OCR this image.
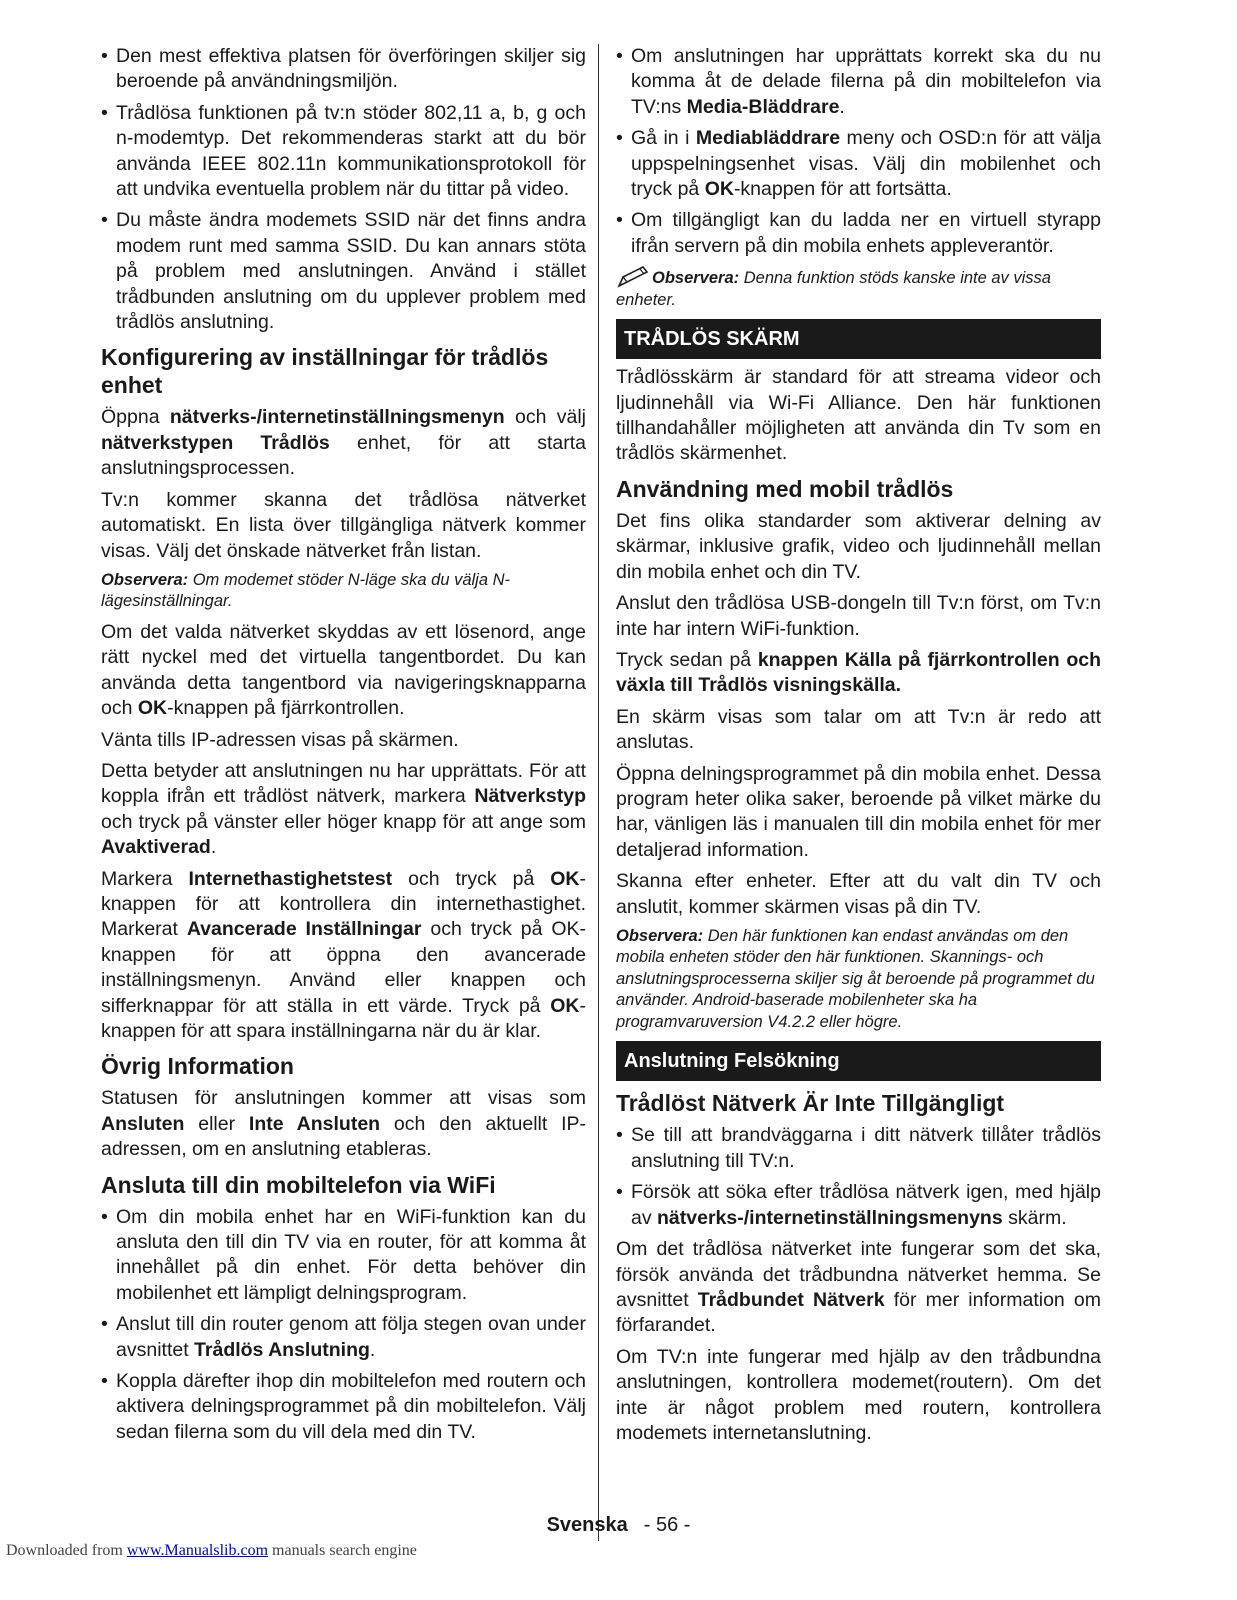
• Den mest effektiva platsen för överföringen skiljer sig beroende på användningsmiljön.
• Trådlösa funktionen på tv:n stöder 802,11 a, b, g och n-modemtyp. Det rekommenderas starkt att du bör använda IEEE 802.11n kommunikationsprotokoll för att undvika eventuella problem när du tittar på video.
• Du måste ändra modemets SSID när det finns andra modem runt med samma SSID. Du kan annars stöta på problem med anslutningen. Använd i stället trådbunden anslutning om du upplever problem med trådlös anslutning.
Konfigurering av inställningar för trådlös enhet

Öppna nätverks-/internetinställningsmenyn och välj nätverkstypen Trådlös enhet, för att starta anslutningsprocessen.

Tv:n kommer skanna det trådlösa nätverket automatiskt. En lista över tillgängliga nätverk kommer visas. Välj det önskade nätverket från listan.

Observera: Om modemet stöder N-läge ska du välja N-lägesinställningar.

Om det valda nätverket skyddas av ett lösenord, ange rätt nyckel med det virtuella tangentbordet. Du kan använda detta tangentbord via navigeringsknapparna och OK-knappen på fjärrkontrollen.

Vänta tills IP-adressen visas på skärmen.

Detta betyder att anslutningen nu har upprättats. För att koppla ifrån ett trådlöst nätverk, markera Nätverkstyp och tryck på vänster eller höger knapp för att ange som Avaktiverad.

Markera Internethastighetstest och tryck på OK-knappen för att kontrollera din internethastighet. Markerat Avancerade Inställningar och tryck på OK-knappen för att öppna den avancerade inställningsmenyn. Använd eller knappen och sifferknappar för att ställa in ett värde. Tryck på OK-knappen för att spara inställningarna när du är klar.

Övrig Information

Statusen för anslutningen kommer att visas som Ansluten eller Inte Ansluten och den aktuellt IP-adressen, om en anslutning etableras.

Ansluta till din mobiltelefon via WiFi
• Om din mobila enhet har en WiFi-funktion kan du ansluta den till din TV via en router, för att komma åt innehållet på din enhet. För detta behöver din mobilenhet ett lämpligt delningsprogram.
• Anslut till din router genom att följa stegen ovan under avsnittet Trådlös Anslutning.
• Koppla därefter ihop din mobiltelefon med routern och aktivera delningsprogrammet på din mobiltelefon. Välj sedan filerna som du vill dela med din TV.
• Om anslutningen har upprättats korrekt ska du nu komma åt de delade filerna på din mobiltelefon via TV:ns Media-Bläddrare.
• Gå in i Mediabläddrare meny och OSD:n för att välja uppspelningsenhet visas. Välj din mobilenhet och tryck på OK-knappen för att fortsätta.
• Om tillgängligt kan du ladda ner en virtuell styrapp ifrån servern på din mobila enhets appleverantör.
Observera: Denna funktion stöds kanske inte av vissa enheter.
TRÅDLÖS SKÄRM

Trådlösskärm är standard för att streama videor och ljudinnehåll via Wi-Fi Alliance. Den här funktionen tillhandahåller möjligheten att använda din Tv som en trådlös skärmenhet.

Användning med mobil trådlös

Det fins olika standarder som aktiverar delning av skärmar, inklusive grafik, video och ljudinnehåll mellan din mobila enhet och din TV.

Anslut den trådlösa USB-dongeln till Tv:n först, om Tv:n inte har intern WiFi-funktion.

Tryck sedan på knappen Källa på fjärrkontrollen och växla till Trådlös visningskälla.

En skärm visas som talar om att Tv:n är redo att anslutas.

Öppna delningsprogrammet på din mobila enhet. Dessa program heter olika saker, beroende på vilket märke du har, vänligen läs i manualen till din mobila enhet för mer detaljerad information.

Skanna efter enheter. Efter att du valt din TV och anslutit, kommer skärmen visas på din TV.

Observera: Den här funktionen kan endast användas om den mobila enheten stöder den här funktionen. Skannings- och anslutningsprocesserna skiljer sig åt beroende på programmet du använder. Android-baserade mobilenheter ska ha programvaruversion V4.2.2 eller högre.
Anslutning Felsökning
Trådlöst Nätverk Är Inte Tillgängligt
• Se till att brandväggarna i ditt nätverk tillåter trådlös anslutning till TV:n.
• Försök att söka efter trådlösa nätverk igen, med hjälp av nätverks-/internetinställningsmenyns skärm.

Om det trådlösa nätverket inte fungerar som det ska, försök använda det trådbundna nätverket hemma. Se avsnittet Trådbundet Nätverk för mer information om förfarandet.

Om TV:n inte fungerar med hjälp av den trådbundna anslutningen, kontrollera modemet(routern). Om det inte är något problem med routern, kontrollera modemets internetanslutning.

Svenska - 56 -
Downloaded from www.Manualslib.com manuals search engine
